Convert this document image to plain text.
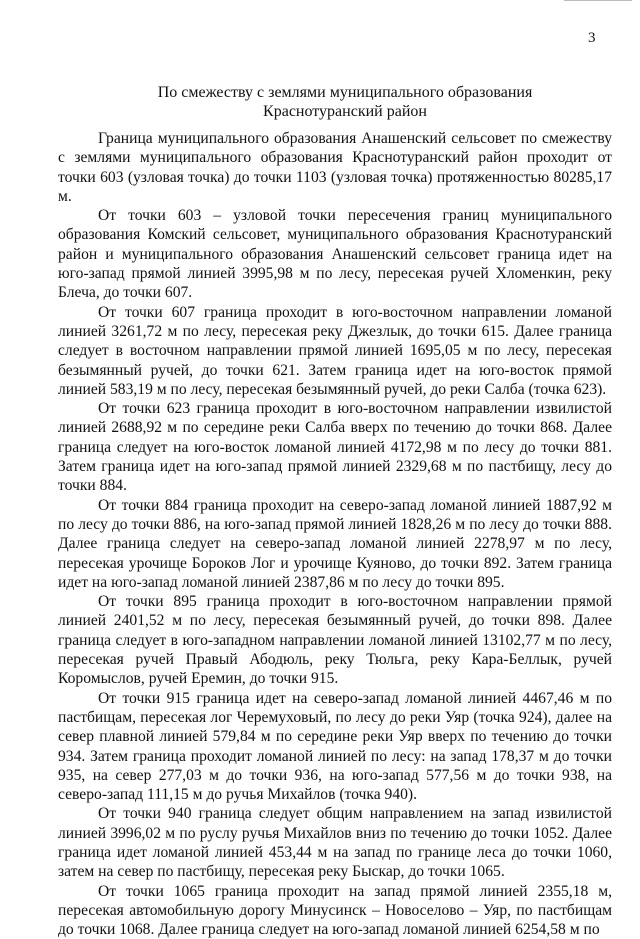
3
По смежеству с землями муниципального образования
Краснотуранский район

Граница муниципального образования Анашенский сельсовет по смежеству с землями муниципального образования Краснотуранский район проходит от точки 603 (узловая точка) до точки 1103 (узловая точка) протяженностью 80285,17 м.

От точки 603 – узловой точки пересечения границ муниципального образования Комский сельсовет, муниципального образования Краснотуранский район и муниципального образования Анашенский сельсовет граница идет на юго-запад прямой линией 3995,98 м по лесу, пересекая ручей Хломенкин, реку Блеча, до точки 607.

От точки 607 граница проходит в юго-восточном направлении ломаной линией 3261,72 м по лесу, пересекая реку Джезлык, до точки 615. Далее граница следует в восточном направлении прямой линией 1695,05 м по лесу, пересекая безымянный ручей, до точки 621. Затем граница идет на юго-восток прямой линией 583,19 м по лесу, пересекая безымянный ручей, до реки Салба (точка 623).

От точки 623 граница проходит в юго-восточном направлении извилистой линией 2688,92 м по середине реки Салба вверх по течению до точки 868. Далее граница следует на юго-восток ломаной линией 4172,98 м по лесу до точки 881. Затем граница идет на юго-запад прямой линией 2329,68 м по пастбищу, лесу до точки 884.

От точки 884 граница проходит на северо-запад ломаной линией 1887,92 м по лесу до точки 886, на юго-запад прямой линией 1828,26 м по лесу до точки 888. Далее граница следует на северо-запад ломаной линией 2278,97 м по лесу, пересекая урочище Бороков Лог и урочище Куяново, до точки 892. Затем граница идет на юго-запад ломаной линией 2387,86 м по лесу до точки 895.

От точки 895 граница проходит в юго-восточном направлении прямой линией 2401,52 м по лесу, пересекая безымянный ручей, до точки 898. Далее граница следует в юго-западном направлении ломаной линией 13102,77 м по лесу, пересекая ручей Правый Абодюль, реку Тюльга, реку Кара-Беллык, ручей Коромыслов, ручей Еремин, до точки 915.

От точки 915 граница идет на северо-запад ломаной линией 4467,46 м по пастбищам, пересекая лог Черемуховый, по лесу до реки Уяр (точка 924), далее на север плавной линией 579,84 м по середине реки Уяр вверх по течению до точки 934. Затем граница проходит ломаной линией по лесу: на запад 178,37 м до точки 935, на север 277,03 м до точки 936, на юго-запад 577,56 м до точки 938, на северо-запад 111,15 м до ручья Михайлов (точка 940).

От точки 940 граница следует общим направлением на запад извилистой линией 3996,02 м по руслу ручья Михайлов вниз по течению до точки 1052. Далее граница идет ломаной линией 453,44 м на запад по границе леса до точки 1060, затем на север по пастбищу, пересекая реку Быскар, до точки 1065.

От точки 1065 граница проходит на запад прямой линией 2355,18 м, пересекая автомобильную дорогу Минусинск – Новоселово – Уяр, по пастбищам до точки 1068. Далее граница следует на юго-запад ломаной линией 6254,58 м по
